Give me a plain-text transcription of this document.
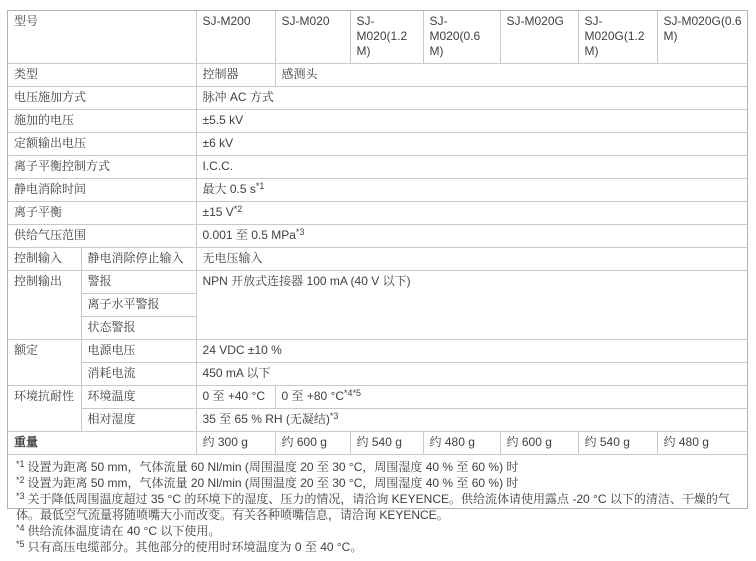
型号		SJ-M200	SJ-M020	SJ-M020(1.2 M)	SJ-M020(0.6 M)	SJ-M020G	SJ-M020G(1.2 M)	SJ-M020G(0.6 M)
类型		控制器	感测头					
电压施加方式		脉冲 AC 方式						
施加的电压		±5.5 kV						
定额输出电压		±6 kV						
离子平衡控制方式		I.C.C.						
静电消除时间		最大 0.5 s$^{*1}$
离子平衡		±15 V$^{*2}$
供给气压范围		0.001 至 0.5 MPa$^{*3}$
控制输入	静电消除停止输入	无电压输入						
控制输出	警报	NPN 开放式连接器 100 mA (40 V 以下)						
	离子水平警报							
	状态警报							
额定	电源电压	24 VDC ±10 %						
	消耗电流	450 mA 以下						
环境抗耐性	环境温度	0 至 +40 °C	0 至 +80 °C$^{*4*5}$
	相对湿度	35 至 65 % RH (无凝结)$^{*3}$
重量		约 300 g	约 600 g	约 540 g	约 480 g	约 600 g	约 540 g	约 480 g
$^{*1}$ 设置为距离 50 mm，气体流量 60 Nl/min (周围温度 20 至 30 °C，周围湿度 40 % 至 60 %) 时
$^{*2}$ 设置为距离 50 mm，气体流量 20 Nl/min (周围温度 20 至 30 °C，周围湿度 40 % 至 60 %) 时
$^{*3}$ 关于降低周围温度超过 35 °C 的环境下的湿度、压力的情况，请洽询 KEYENCE。供给流体请使用露点 -20 °C 以下的清洁、干燥的气体。最低空气流量将随喷嘴大小而改变。有关各种喷嘴信息，请洽询 KEYENCE。
$^{*4}$ 供给流体温度请在 40 °C 以下使用。
$^{*5}$ 只有高压电缆部分。其他部分的使用时环境温度为 0 至 40 °C。
